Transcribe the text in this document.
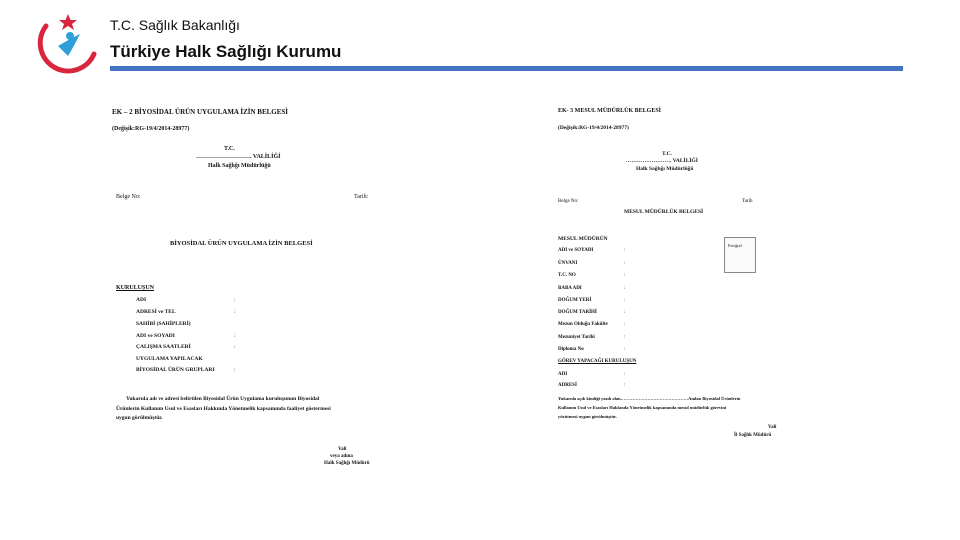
T.C. Sağlık Bakanlığı
Türkiye Halk Sağlığı Kurumu
EK – 2 BİYOSİDAL ÜRÜN UYGULAMA İZİN BELGESİ
(Değişik:RG-19/4/2014-28977)
T.C.
………………………. VALİLİĞİ
Halk Sağlığı Müdürlüğü
Belge No:	Tarih:
BİYOSİDAL ÜRÜN UYGULAMA İZİN BELGESİ
KURULUŞUN
ADI	:
ADRESİ ve TEL	:
SAHİBİ (SAHİPLERİ)
ADI ve SOYADI	:
ÇALIŞMA SAATLERİ	:
UYGULAMA YAPILACAK
BİYOSİDAL ÜRÜN GRUPLARI	:
Yukarıda adı ve adresi belirtilen Biyosidal Ürün Uygulama kuruluşunun Biyosidal
Ürünlerin Kullanım Usul ve Esasları Hakkında Yönetmelik kapsamında faaliyet göstermesi
uygun görülmüştür.
Vali
veya adına
Halk Sağlığı Müdürü
EK- 3 MESUL MÜDÜRLÜK BELGESİ
(Değişik:RG-19/4/2014-28977)
T.C.
……………………. VALİLİĞİ
Halk Sağlığı Müdürlüğü
Belge No:	Tarih
MESUL MÜDÜRLÜK BELGESİ
MESUL MÜDÜRÜN
Fotoğraf
ADI ve SOYADI	:
ÜNVANI	:
T.C. NO	:
BABA ADI	:
DOĞUM YERİ	:
DOĞUM TARİHİ	:
Mezun Olduğu Fakülte	:
Mezuniyet Tarihi	:
Diploma No	:
GÖREV YAPACAĞI KURULUŞUN
ADI	:
ADRESİ	:
Yukarıda açık kimliği yazılı olan………………………………………Anılan Biyosidal Ürünlerin
Kullanım Usul ve Esasları Hakkında Yönetmelik kapsamında mesul müdürlük görevini
yürütmesi uygun görülmüştür.
Vali
İl Sağlık Müdürü
